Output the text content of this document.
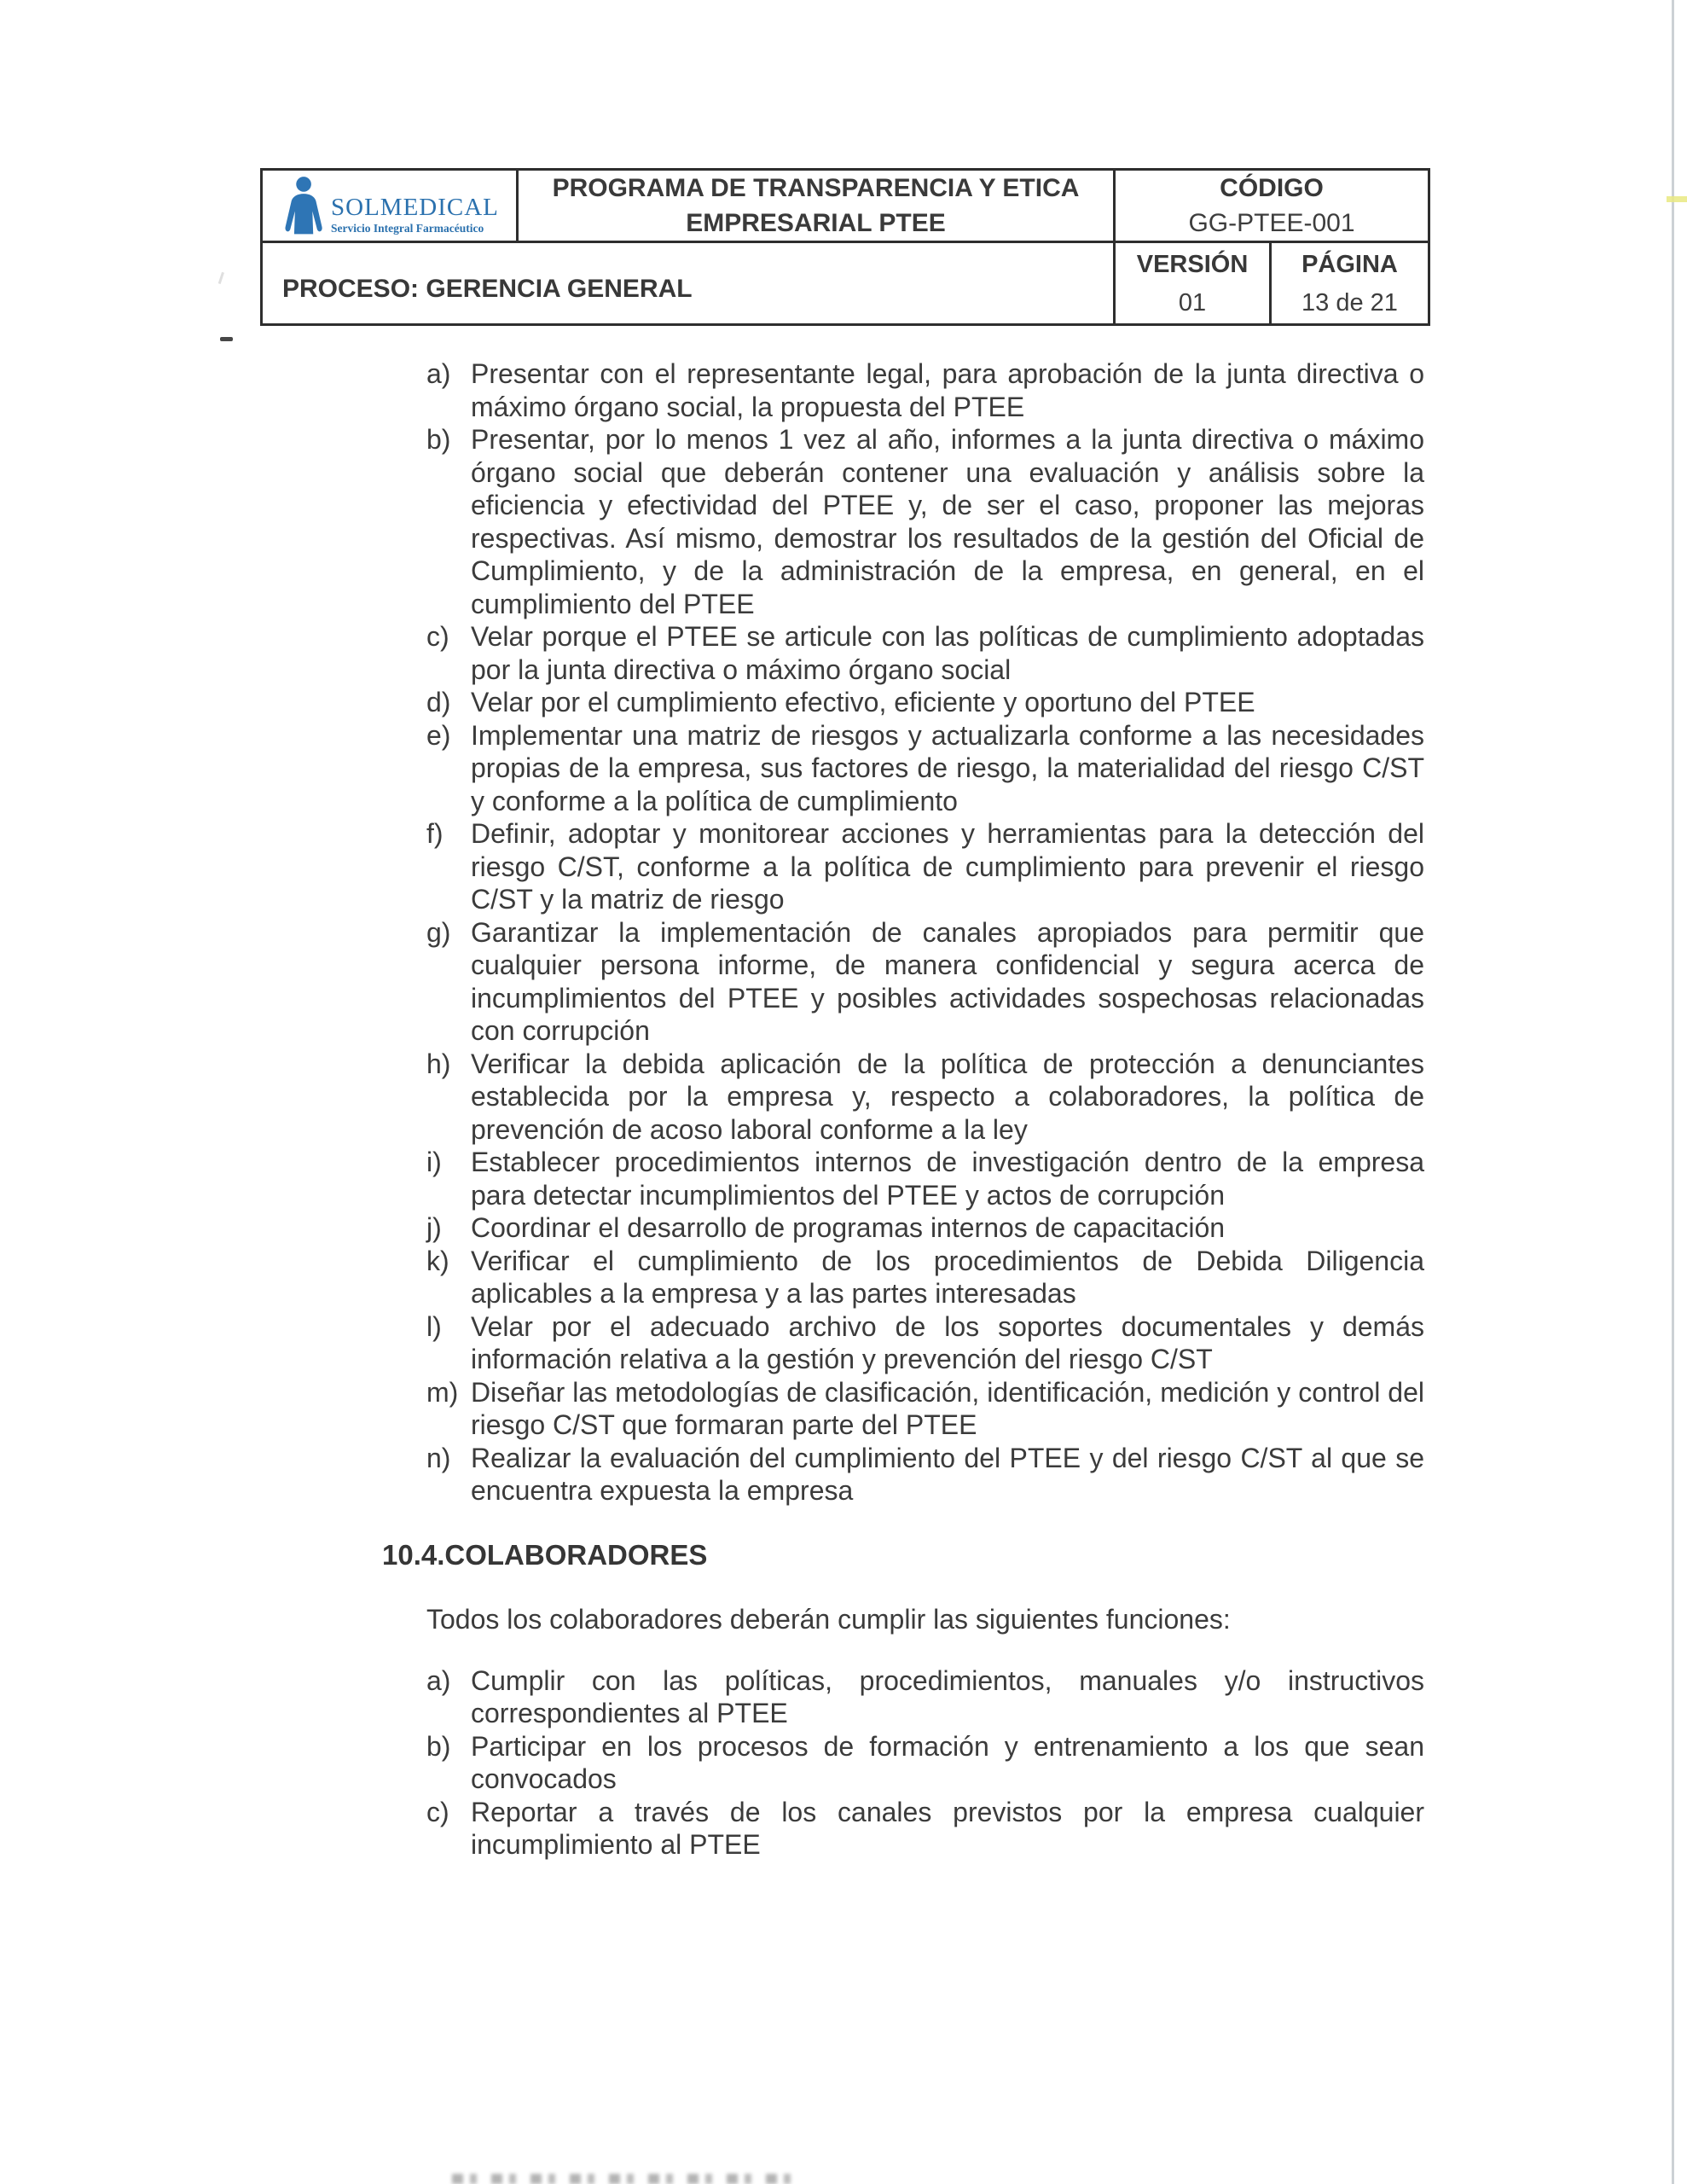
SOLMEDICAL
Servicio Integral Farmacéutico
PROGRAMA DE TRANSPARENCIA Y ETICA
EMPRESARIAL PTEE
CÓDIGO
GG-PTEE-001
PROCESO: GERENCIA GENERAL
VERSIÓN
01
PÁGINA
13 de 21
a) Presentar con el representante legal, para aprobación de la junta directiva o máximo órgano social, la propuesta del PTEE
b) Presentar, por lo menos 1 vez al año, informes a la junta directiva o máximo órgano social que deberán contener una evaluación y análisis sobre la eficiencia y efectividad del PTEE y, de ser el caso, proponer las mejoras respectivas. Así mismo, demostrar los resultados de la gestión del Oficial de Cumplimiento, y de la administración de la empresa, en general, en el cumplimiento del PTEE
c) Velar porque el PTEE se articule con las políticas de cumplimiento adoptadas por la junta directiva o máximo órgano social
d) Velar por el cumplimiento efectivo, eficiente y oportuno del PTEE
e) Implementar una matriz de riesgos y actualizarla conforme a las necesidades propias de la empresa, sus factores de riesgo, la materialidad del riesgo C/ST y conforme a la política de cumplimiento
f) Definir, adoptar y monitorear acciones y herramientas para la detección del riesgo C/ST, conforme a la política de cumplimiento para prevenir el riesgo C/ST y la matriz de riesgo
g) Garantizar la implementación de canales apropiados para permitir que cualquier persona informe, de manera confidencial y segura acerca de incumplimientos del PTEE y posibles actividades sospechosas relacionadas con corrupción
h) Verificar la debida aplicación de la política de protección a denunciantes establecida por la empresa y, respecto a colaboradores, la política de prevención de acoso laboral conforme a la ley
i) Establecer procedimientos internos de investigación dentro de la empresa para detectar incumplimientos del PTEE y actos de corrupción
j) Coordinar el desarrollo de programas internos de capacitación
k) Verificar el cumplimiento de los procedimientos de Debida Diligencia aplicables a la empresa y a las partes interesadas
l) Velar por el adecuado archivo de los soportes documentales y demás información relativa a la gestión y prevención del riesgo C/ST
m) Diseñar las metodologías de clasificación, identificación, medición y control del riesgo C/ST que formaran parte del PTEE
n) Realizar la evaluación del cumplimiento del PTEE y del riesgo C/ST al que se encuentra expuesta la empresa
10.4.COLABORADORES
Todos los colaboradores deberán cumplir las siguientes funciones:
a) Cumplir con las políticas, procedimientos, manuales y/o instructivos correspondientes al PTEE
b) Participar en los procesos de formación y entrenamiento a los que sean convocados
c) Reportar a través de los canales previstos por la empresa cualquier incumplimiento al PTEE
